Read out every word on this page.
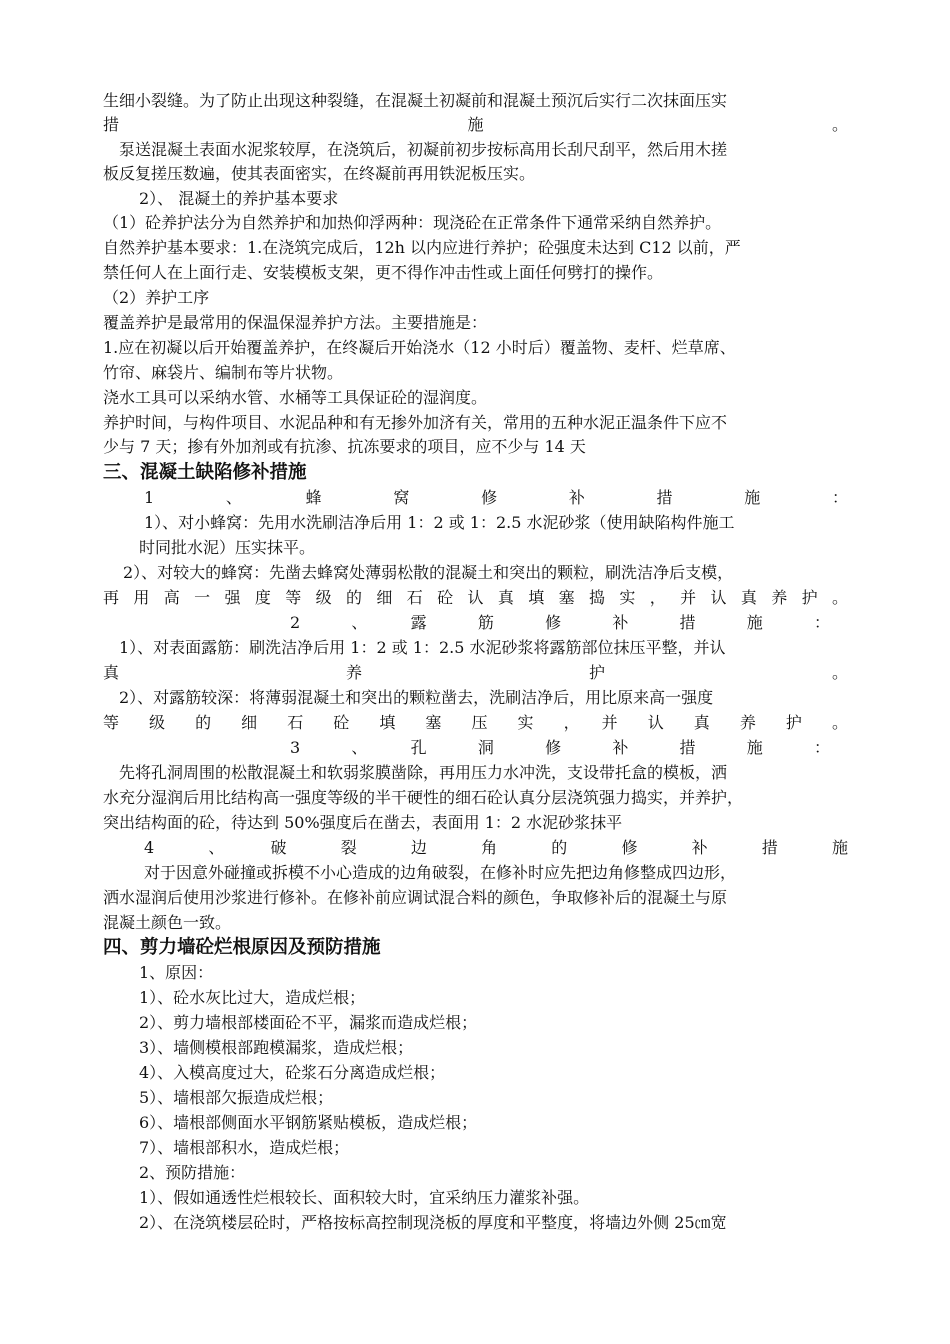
生细小裂缝。为了防止出现这种裂缝，在混凝土初凝前和混凝土预沉后实行二次抹面压实
措　　　　　　　　　　　　　　　　　施　　　　　　　　　　　　　　　　　。
泵送混凝土表面水泥浆较厚，在浇筑后，初凝前初步按标高用长刮尺刮平，然后用木搓
板反复搓压数遍，使其表面密实，在终凝前再用铁泥板压实。
2）、 混凝土的养护基本要求
（1）砼养护法分为自然养护和加热仰浮两种：现浇砼在正常条件下通常采纳自然养护。
自然养护基本要求：1.在浇筑完成后，12h 以内应进行养护；砼强度未达到 C12 以前，严
禁任何人在上面行走、安装模板支架，更不得作冲击性或上面任何劈打的操作。
（2）养护工序
覆盖养护是最常用的保温保湿养护方法。主要措施是：
1.应在初凝以后开始覆盖养护，在终凝后开始浇水（12 小时后）覆盖物、麦杆、烂草席、
竹帘、麻袋片、编制布等片状物。
浇水工具可以采纳水管、水桶等工具保证砼的湿润度。
养护时间，与构件项目、水泥品种和有无掺外加济有关，常用的五种水泥正温条件下应不
少与 7 天；掺有外加剂或有抗渗、抗冻要求的项目，应不少与 14 天
三、混凝土缺陷修补措施
1　、　蜂　窝　修　补　措　施　：
1）、对小蜂窝：先用水洗刷洁净后用 1：2 或 1：2.5 水泥砂浆（使用缺陷构件施工
时同批水泥）压实抹平。
2）、对较大的蜂窝：先凿去蜂窝处薄弱松散的混凝土和突出的颗粒，刷洗洁净后支模，
再用高一强度等级的细石砼认真填塞捣实，并认真养护。
2　、　露　筋　修　补　措　施　：
1）、对表面露筋：刷洗洁净后用 1：2 或 1：2.5 水泥砂浆将露筋部位抹压平整，并认
真　　　　　　　　养　　　　　　　　护　　　　　　　　。
2）、对露筋较深：将薄弱混凝土和突出的颗粒凿去，洗刷洁净后，用比原来高一强度
等　级　的　细　石　砼　填　塞　压　实　，　并　认　真　养　护　。
3　、　孔　洞　修　补　措　施　：
先将孔洞周围的松散混凝土和软弱浆膜凿除，再用压力水冲洗，支设带托盒的模板，洒
水充分湿润后用比结构高一强度等级的半干硬性的细石砼认真分层浇筑强力捣实，并养护，
突出结构面的砼，待达到 50%强度后在凿去，表面用 1：2 水泥砂浆抹平
4　、　破　裂　边　角　的　修　补　措　施
对于因意外碰撞或拆模不小心造成的边角破裂，在修补时应先把边角修整成四边形，
洒水湿润后使用沙浆进行修补。在修补前应调试混合料的颜色，争取修补后的混凝土与原
混凝土颜色一致。
四、剪力墙砼烂根原因及预防措施
1、原因：
1）、砼水灰比过大，造成烂根；
2）、剪力墙根部楼面砼不平，漏浆而造成烂根；
3）、墙侧模根部跑模漏浆，造成烂根；
4）、入模高度过大，砼浆石分离造成烂根；
5）、墙根部欠振造成烂根；
6）、墙根部侧面水平钢筋紧贴模板，造成烂根；
7）、墙根部积水，造成烂根；
2、预防措施：
1）、假如通透性烂根较长、面积较大时，宜采纳压力灌浆补强。
2）、在浇筑楼层砼时，严格按标高控制现浇板的厚度和平整度，将墙边外侧 25㎝宽
